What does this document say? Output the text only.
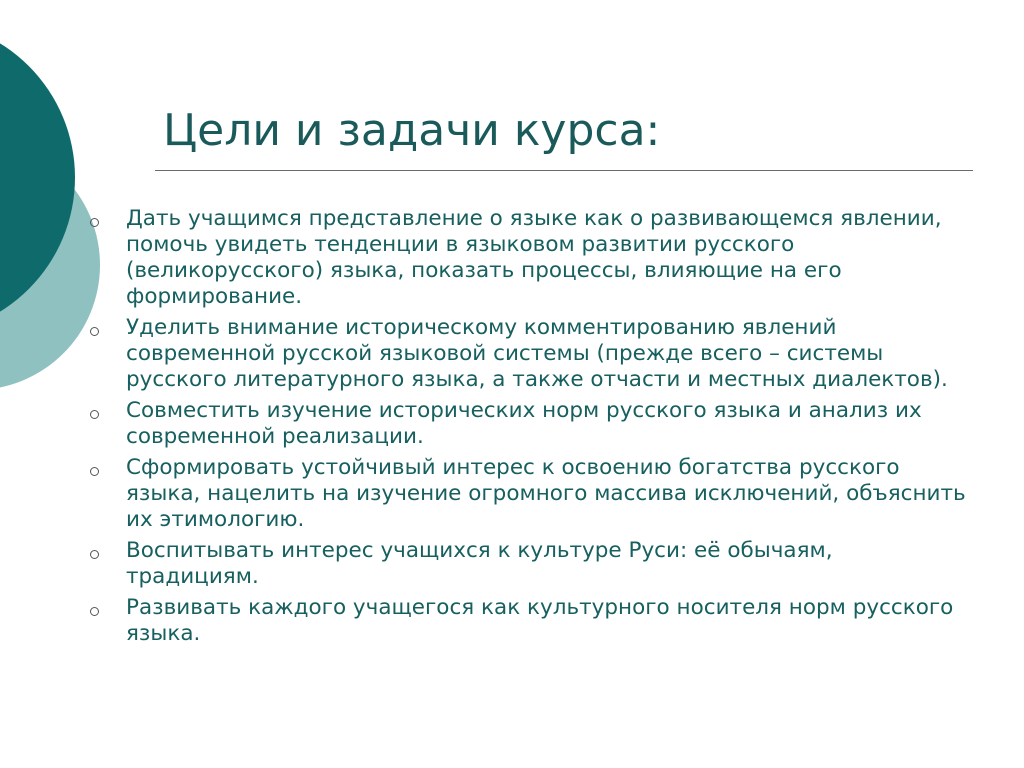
Цели и задачи курса:
Дать учащимся представление о языке как о развивающемся явлении, помочь увидеть тенденции в языковом развитии русского (великорусского) языка, показать процессы, влияющие на его формирование.
Уделить внимание историческому комментированию явлений современной русской языковой системы (прежде всего – системы русского литературного языка, а также отчасти и местных диалектов).
Совместить изучение исторических норм русского языка и анализ их современной реализации.
Сформировать устойчивый интерес к освоению богатства русского языка, нацелить на изучение огромного массива исключений, объяснить их этимологию.
Воспитывать интерес учащихся к культуре Руси: её обычаям, традициям.
Развивать каждого учащегося как культурного носителя норм русского языка.
